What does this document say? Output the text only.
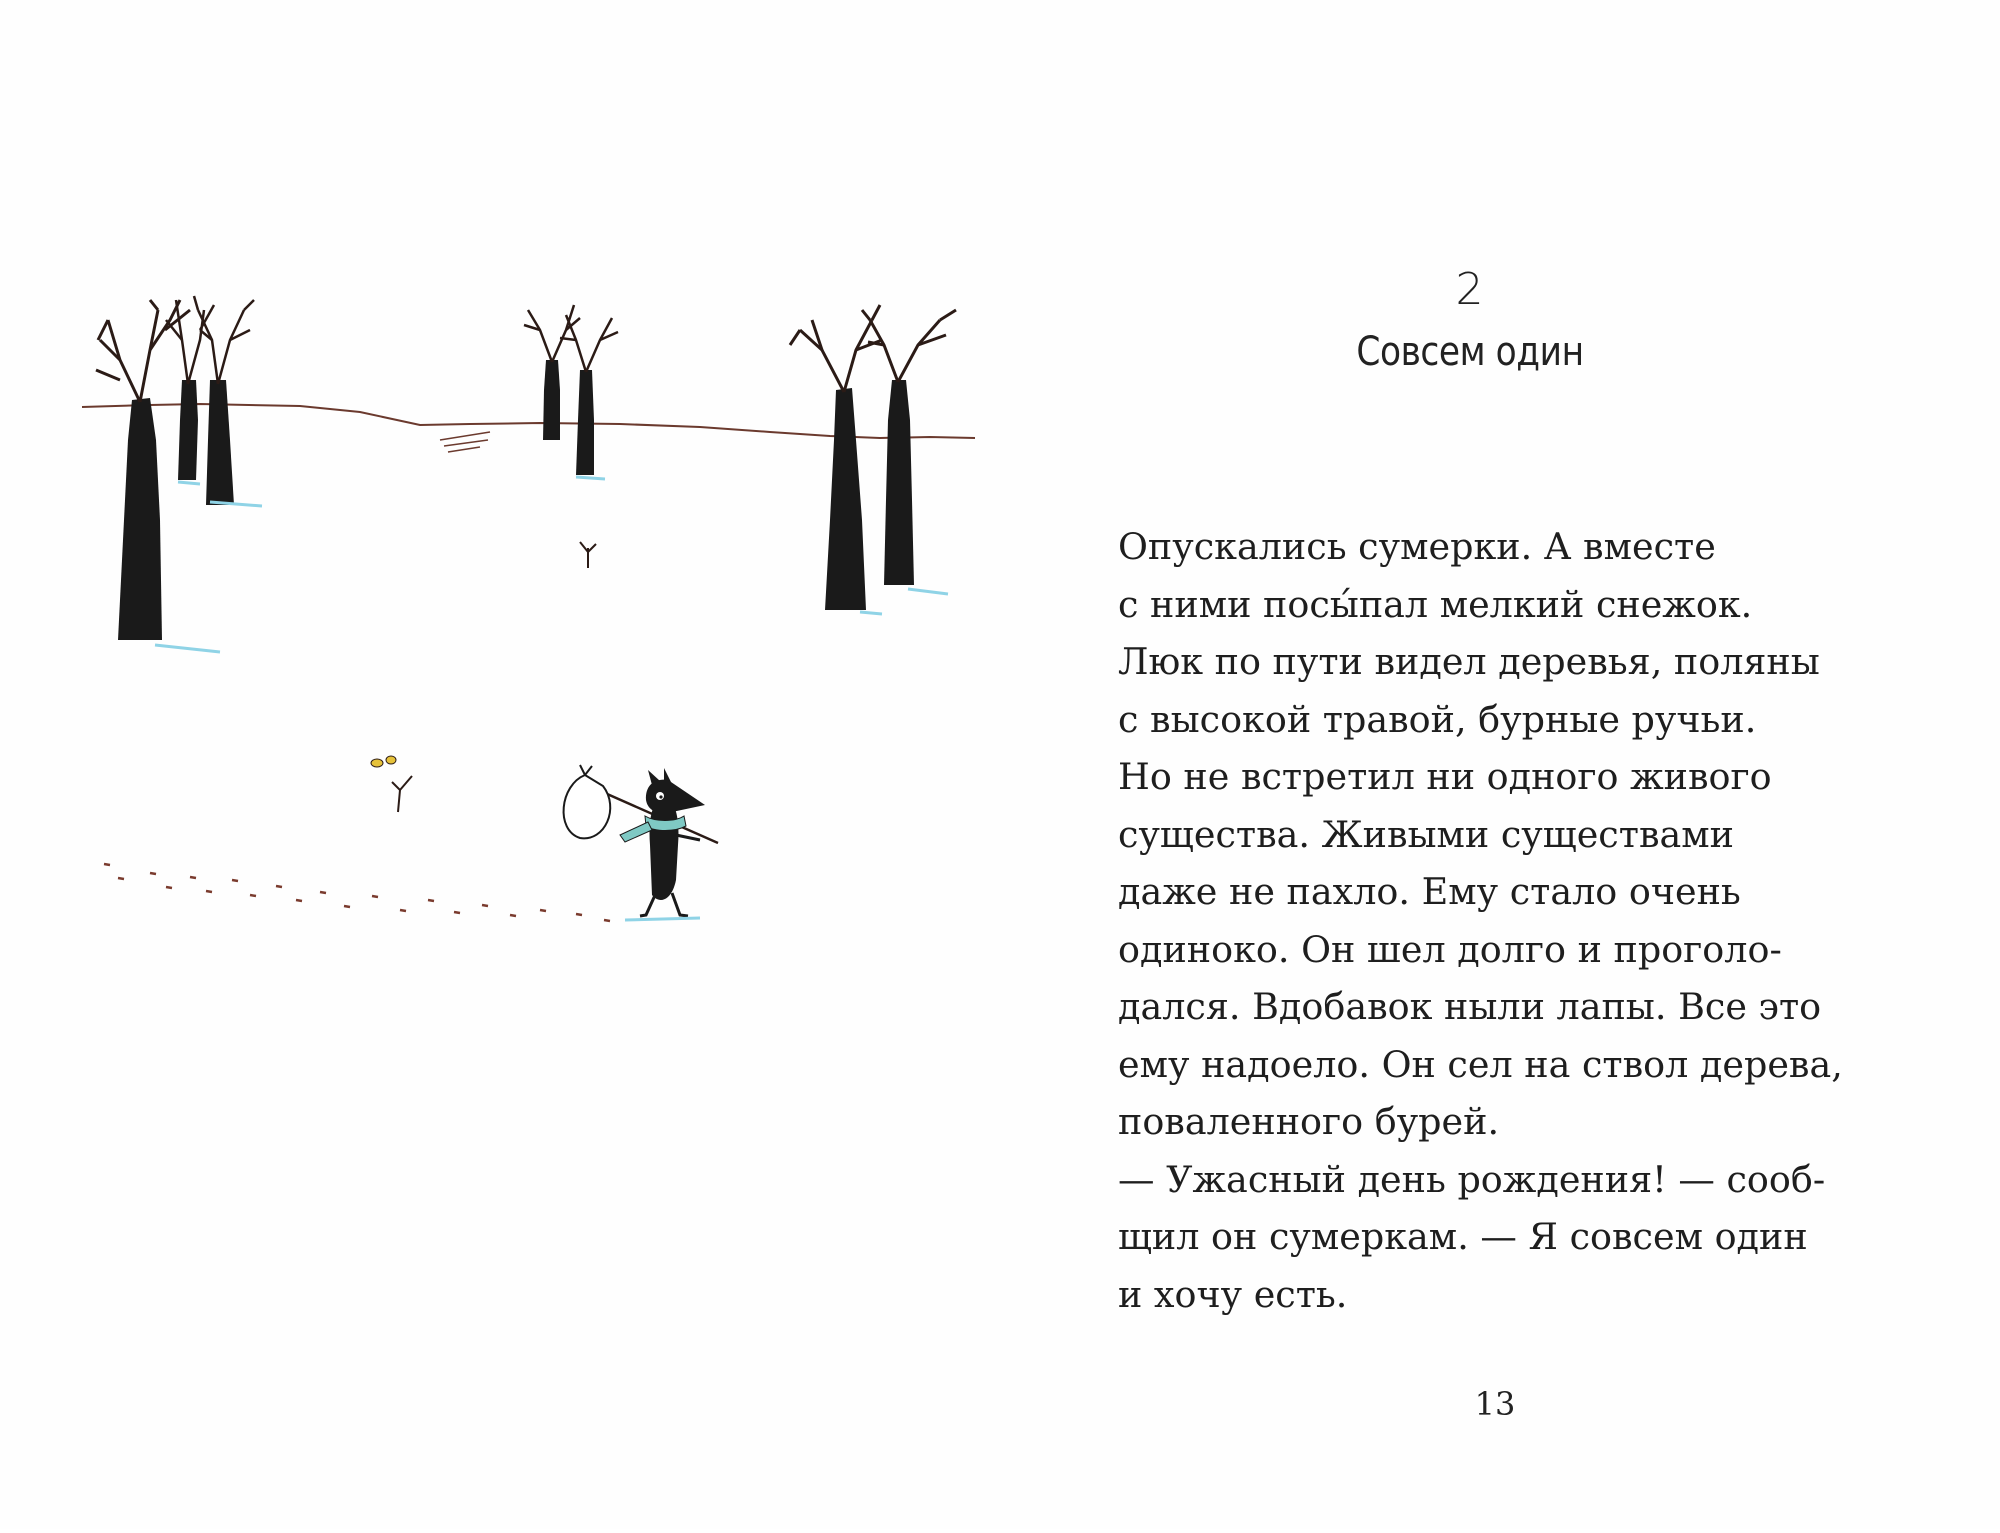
2
Совсем один
Опускались сумерки. А вместе
с ними посы́пал мелкий снежок.
Люк по пути видел деревья, поляны
с высокой травой, бурные ручьи.
Но не встретил ни одного живого
существа. Живыми существами
даже не пахло. Ему стало очень
одиноко. Он шел долго и проголо-
дался. Вдобавок ныли лапы. Все это
ему надоело. Он сел на ствол дерева,
поваленного бурей.
— Ужасный день рождения! — сооб-
щил он сумеркам. — Я совсем один
и хочу есть.
13
